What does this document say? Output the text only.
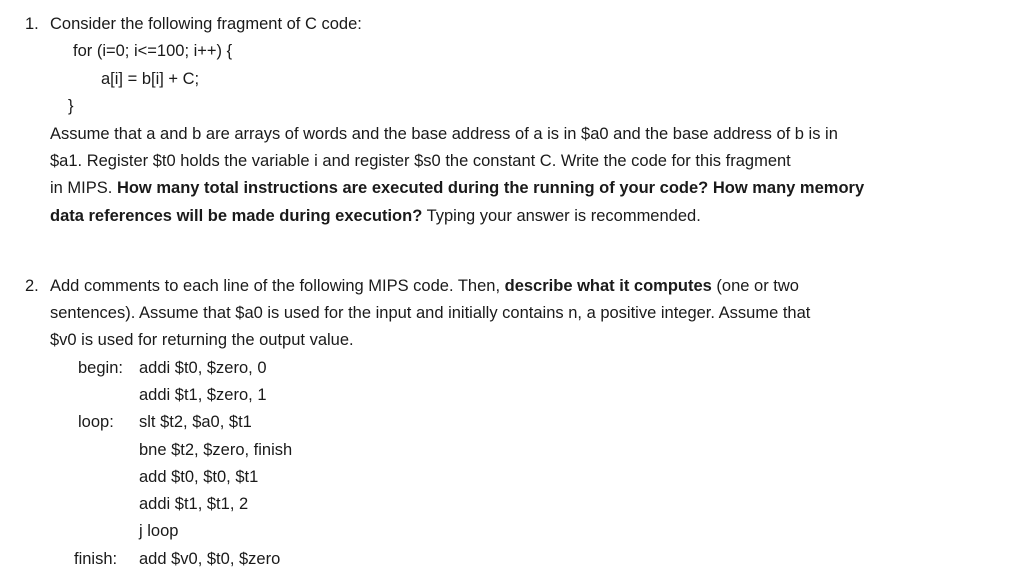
1. Consider the following fragment of C code:
for (i=0; i<=100; i++) {
a[i] = b[i] + C;
}
Assume that a and b are arrays of words and the base address of a is in $a0 and the base address of b is in
$a1. Register $t0 holds the variable i and register $s0 the constant C. Write the code for this fragment
in MIPS. How many total instructions are executed during the running of your code? How many memory
data references will be made during execution? Typing your answer is recommended.
2. Add comments to each line of the following MIPS code. Then, describe what it computes (one or two
sentences). Assume that $a0 is used for the input and initially contains n, a positive integer. Assume that
$v0 is used for returning the output value.
begin: addi $t0, $zero, 0
addi $t1, $zero, 1
loop: slt $t2, $a0, $t1
bne $t2, $zero, finish
add $t0, $t0, $t1
addi $t1, $t1, 2
j loop
finish: add $v0, $t0, $zero
